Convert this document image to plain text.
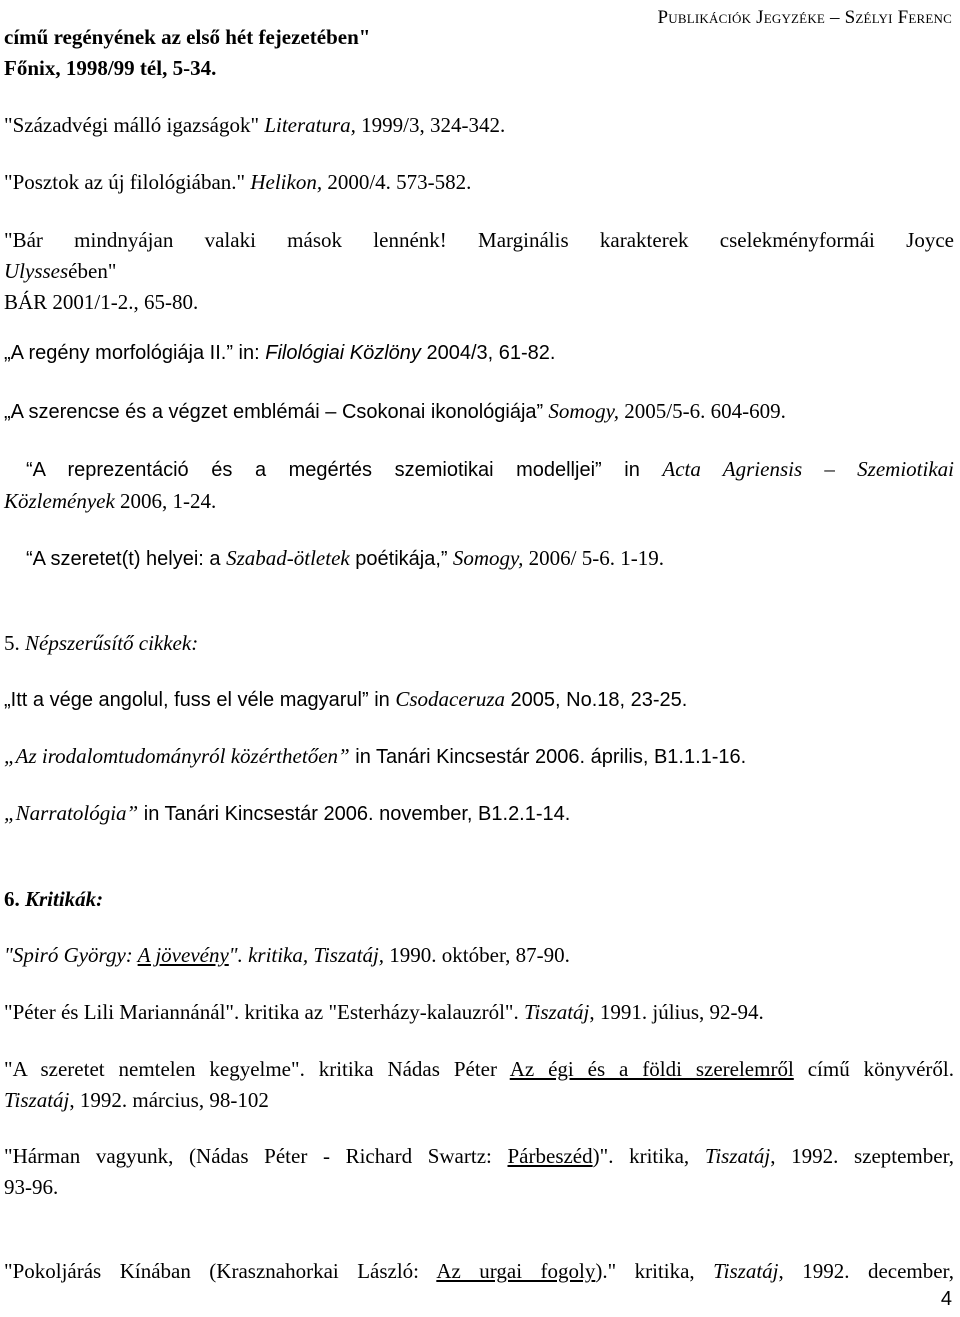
Publikációk Jegyzéke – Szélyi Ferenc
című regényének az első hét fejezetében"
Főnix, 1998/99 tél, 5-34.
"Századvégi málló igazságok" Literatura, 1999/3, 324-342.
"Posztok az új filológiában." Helikon, 2000/4. 573-582.
"Bár mindnyájan valaki mások lennénk! Marginális karakterek cselekményformái Joyce
Ulyssesében"
BÁR 2001/1-2., 65-80.
„A regény morfológiája II.” in: Filológiai Közlöny 2004/3, 61-82.
„A szerencse és a végzet emblémái – Csokonai ikonológiája” Somogy, 2005/5-6. 604-609.
“A reprezentáció és a megértés szemiotikai modelljei” in Acta Agriensis – Szemiotikai
Közlemények 2006, 1-24.
“A szeretet(t) helyei: a Szabad-ötletek poétikája,” Somogy, 2006/ 5-6. 1-19.
5. Népszerűsítő cikkek:
„Itt a vége angolul, fuss el véle magyarul” in Csodaceruza 2005, No.18, 23-25.
„Az irodalomtudományról közérthetően” in Tanári Kincsestár 2006. április, B1.1.1-16.
„Narratológia” in Tanári Kincsestár 2006. november, B1.2.1-14.
6. Kritikák:
"Spiró György: A jövevény". kritika, Tiszatáj, 1990. október, 87-90.
"Péter és Lili Mariannánál". kritika az "Esterházy-kalauzról". Tiszatáj, 1991. július, 92-94.
"A szeretet nemtelen kegyelme". kritika Nádas Péter Az égi és a földi szerelemről című könyvéről.
Tiszatáj, 1992. március, 98-102
"Hárman vagyunk, (Nádas Péter - Richard Swartz: Párbeszéd)". kritika, Tiszatáj, 1992. szeptember,
93-96.
"Pokoljárás Kínában (Krasznahorkai László: Az urgai fogoly)." kritika, Tiszatáj, 1992. december,
4
